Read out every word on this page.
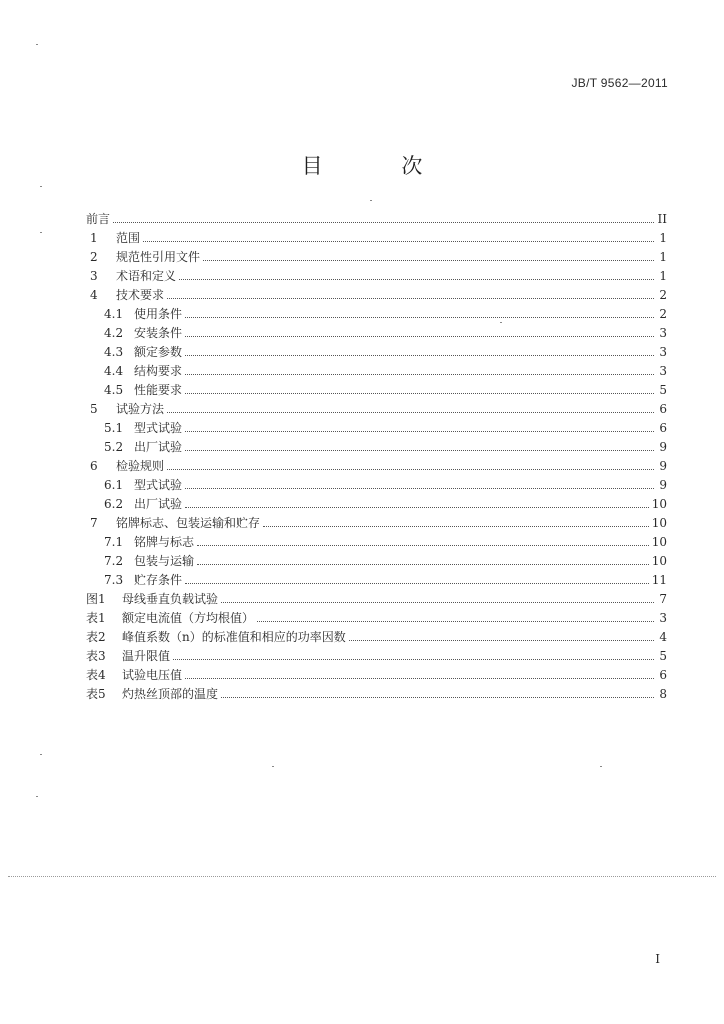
JB/T 9562—2011
目 次
前言	II
1	范围	1
2	规范性引用文件	1
3	术语和定义	1
4	技术要求	2
4.1 使用条件	2
4.2 安装条件	3
4.3 额定参数	3
4.4 结构要求	3
4.5 性能要求	5
5	试验方法	6
5.1 型式试验	6
5.2 出厂试验	9
6	检验规则	9
6.1 型式试验	9
6.2 出厂试验	10
7	铭牌标志、包装运输和贮存	10
7.1 铭牌与标志	10
7.2 包装与运输	10
7.3 贮存条件	11
图1	母线垂直负载试验	7
表1	额定电流值（方均根值）	3
表2	峰值系数（n）的标准值和相应的功率因数	4
表3	温升限值	5
表4	试验电压值	6
表5	灼热丝顶部的温度	8
I
